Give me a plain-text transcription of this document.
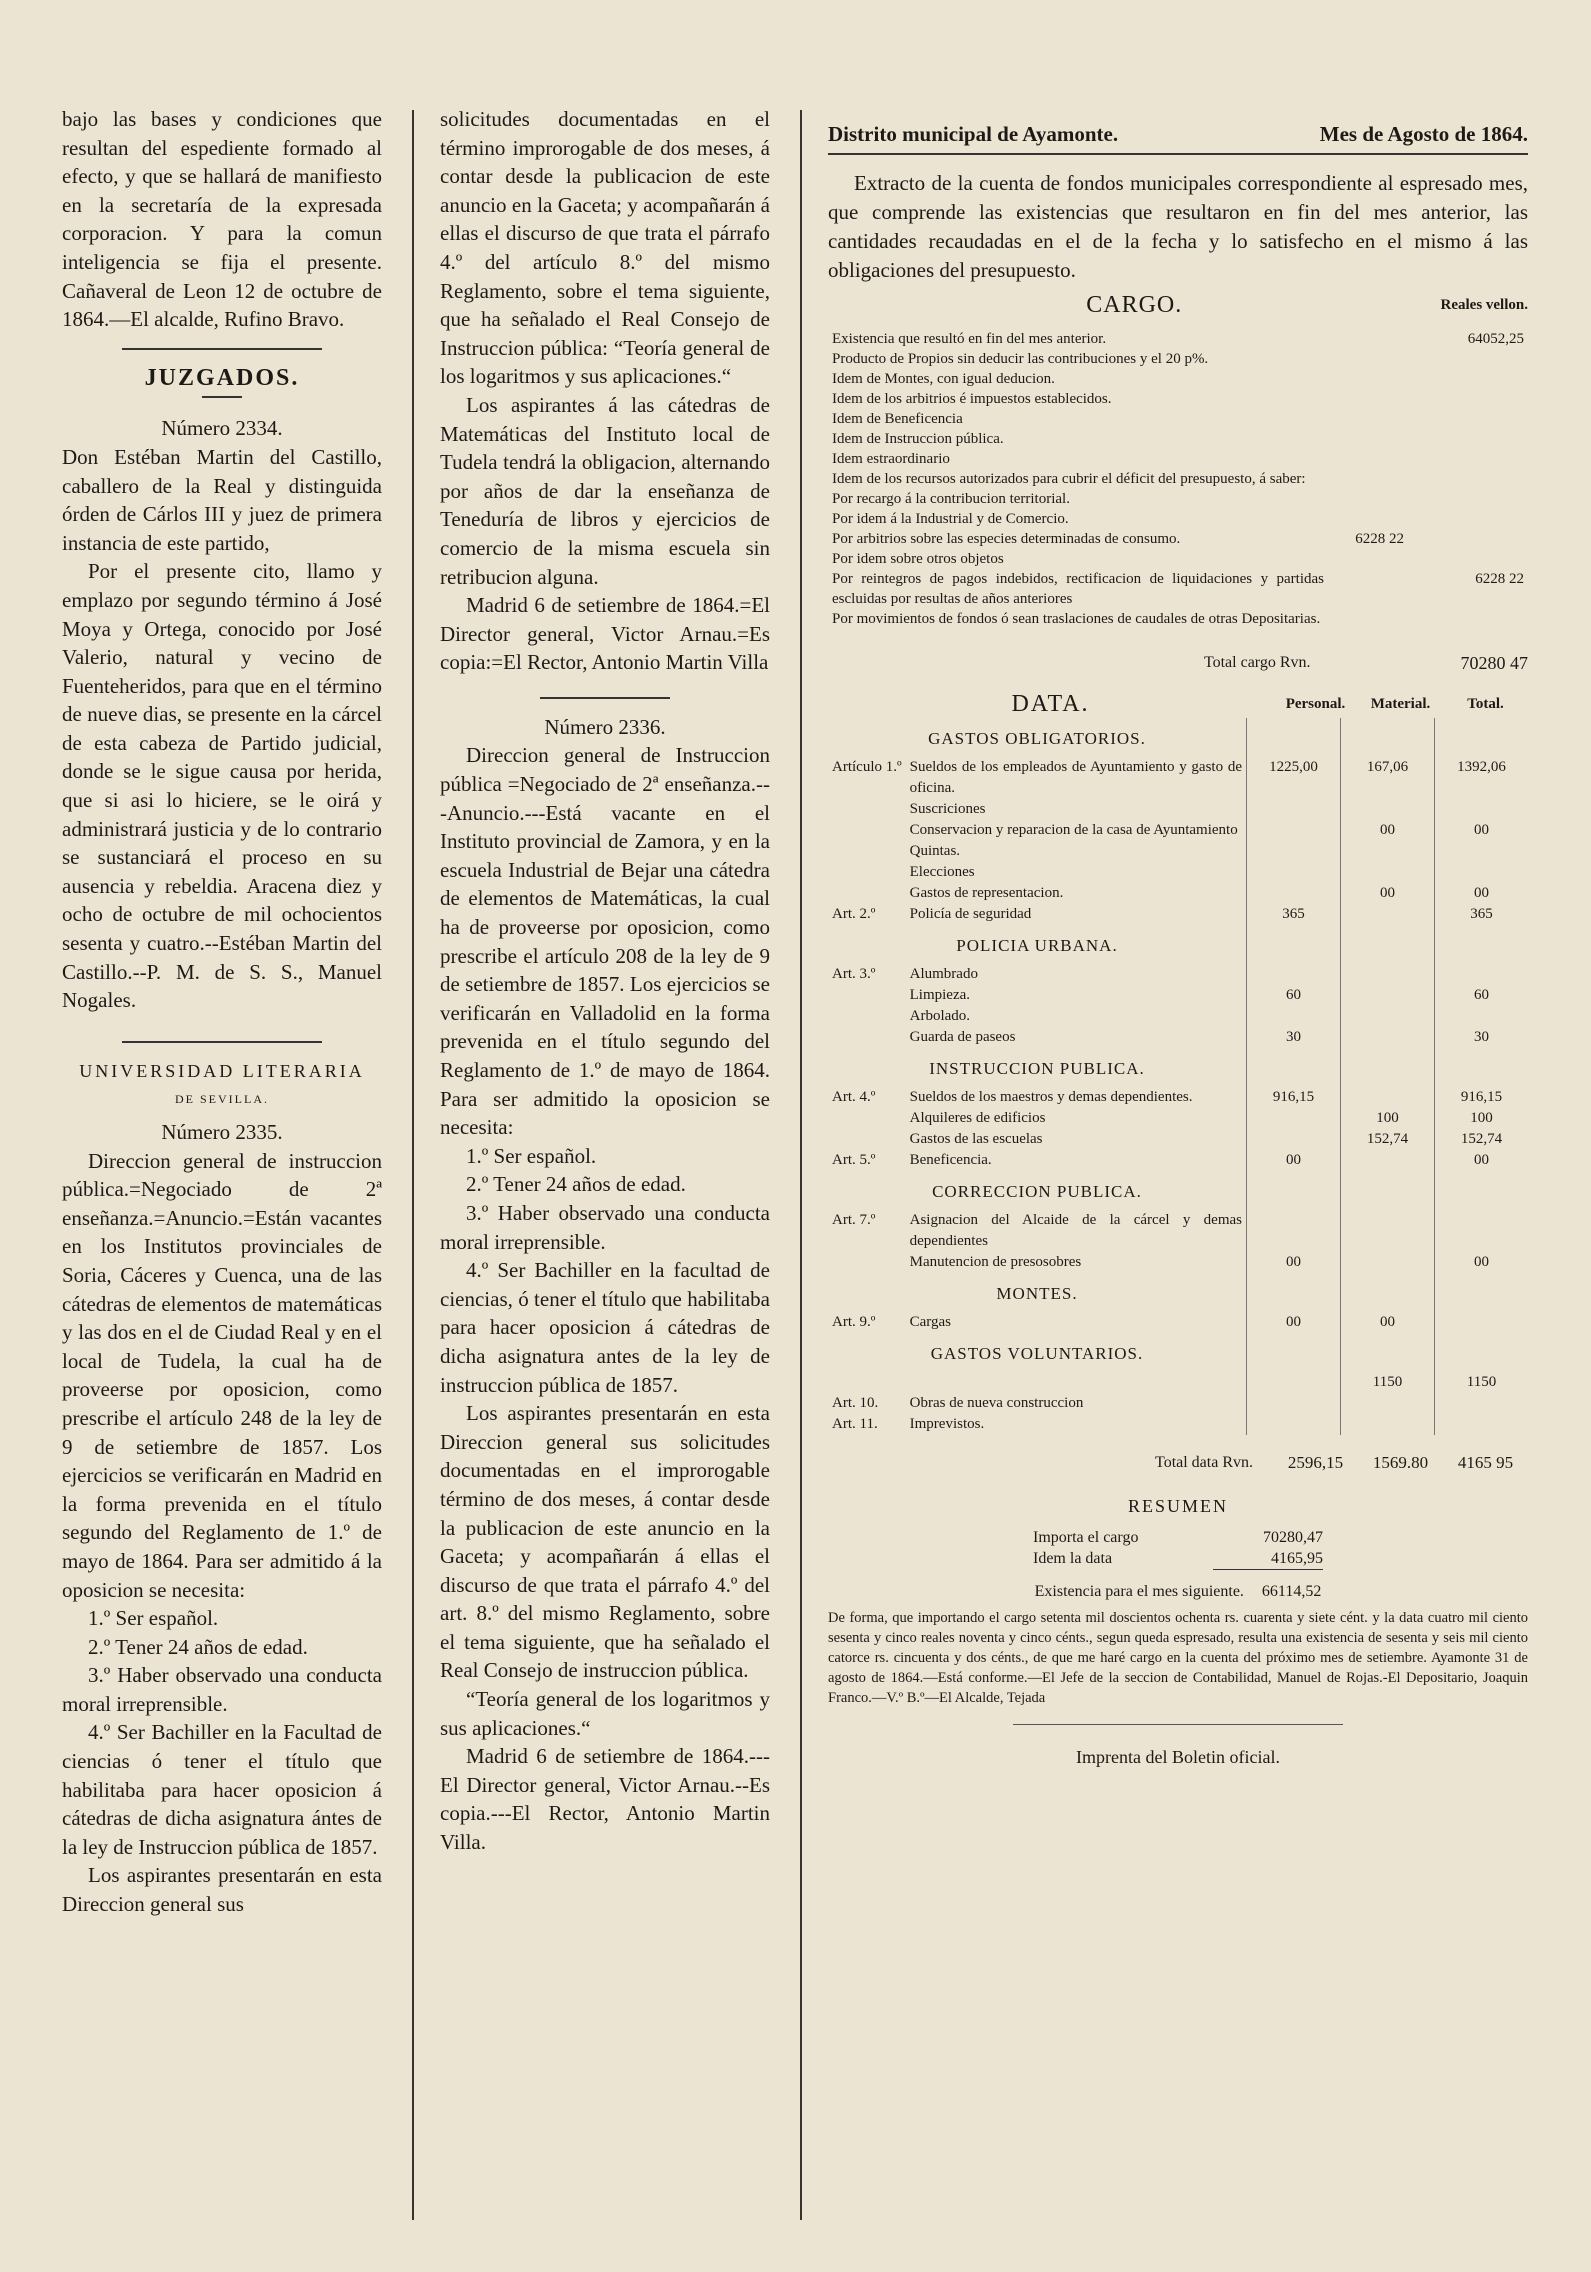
bajo las bases y condiciones que resultan del espediente formado al efecto, y que se hallará de manifiesto en la secretaría de la expresada corporacion. Y para la comun inteligencia se fija el presente. Cañaveral de Leon 12 de octubre de 1864.—El alcalde, Rufino Bravo.

JUZGADOS.

Número 2334.

Don Estéban Martin del Castillo, caballero de la Real y distinguida órden de Cárlos III y juez de primera instancia de este partido,

Por el presente cito, llamo y emplazo por segundo término á José Moya y Ortega, conocido por José Valerio, natural y vecino de Fuenteheridos, para que en el término de nueve dias, se presente en la cárcel de esta cabeza de Partido judicial, donde se le sigue causa por herida, que si asi lo hiciere, se le oirá y administrará justicia y de lo contrario se sustanciará el proceso en su ausencia y rebeldia. Aracena diez y ocho de octubre de mil ochocientos sesenta y cuatro.--Estéban Martin del Castillo.--P. M. de S. S., Manuel Nogales.

UNIVERSIDAD LITERARIA

DE SEVILLA.

Número 2335.

Direccion general de instruccion pública.=Negociado de 2ª enseñanza.=Anuncio.=Están vacantes en los Institutos provinciales de Soria, Cáceres y Cuenca, una de las cátedras de elementos de matemáticas y las dos en el de Ciudad Real y en el local de Tudela, la cual ha de proveerse por oposicion, como prescribe el artículo 248 de la ley de 9 de setiembre de 1857. Los ejercicios se verificarán en Madrid en la forma prevenida en el título segundo del Reglamento de 1.º de mayo de 1864. Para ser admitido á la oposicion se necesita:

1.º Ser español.

2.º Tener 24 años de edad.

3.º Haber observado una conducta moral irreprensible.

4.º Ser Bachiller en la Facultad de ciencias ó tener el título que habilitaba para hacer oposicion á cátedras de dicha asignatura ántes de la ley de Instruccion pública de 1857.

Los aspirantes presentarán en esta Direccion general sus

solicitudes documentadas en el término improrogable de dos meses, á contar desde la publicacion de este anuncio en la Gaceta; y acompañarán á ellas el discurso de que trata el párrafo 4.º del artículo 8.º del mismo Reglamento, sobre el tema siguiente, que ha señalado el Real Consejo de Instruccion pública: “Teoría general de los logaritmos y sus aplicaciones.“

Los aspirantes á las cátedras de Matemáticas del Instituto local de Tudela tendrá la obligacion, alternando por años de dar la enseñanza de Teneduría de libros y ejercicios de comercio de la misma escuela sin retribucion alguna.

Madrid 6 de setiembre de 1864.=El Director general, Victor Arnau.=Es copia:=El Rector, Antonio Martin Villa

Número 2336.

Direccion general de Instruccion pública =Negociado de 2ª enseñanza.---Anuncio.---Está vacante en el Instituto provincial de Zamora, y en la escuela Industrial de Bejar una cátedra de elementos de Matemáticas, la cual ha de proveerse por oposicion, como prescribe el artículo 208 de la ley de 9 de setiembre de 1857. Los ejercicios se verificarán en Valladolid en la forma prevenida en el título segundo del Reglamento de 1.º de mayo de 1864. Para ser admitido la oposicion se necesita:

1.º Ser español.

2.º Tener 24 años de edad.

3.º Haber observado una conducta moral irreprensible.

4.º Ser Bachiller en la facultad de ciencias, ó tener el título que habilitaba para hacer oposicion á cátedras de dicha asignatura antes de la ley de instruccion pública de 1857.

Los aspirantes presentarán en esta Direccion general sus solicitudes documentadas en el improrogable término de dos meses, á contar desde la publicacion de este anuncio en la Gaceta; y acompañarán á ellas el discurso de que trata el párrafo 4.º del art. 8.º del mismo Reglamento, sobre el tema siguiente, que ha señalado el Real Consejo de instruccion pública.

“Teoría general de los logaritmos y sus aplicaciones.“

Madrid 6 de setiembre de 1864.---El Director general, Victor Arnau.--Es copia.---El Rector, Antonio Martin Villa.

Distrito municipal de Ayamonte.	Mes de Agosto de 1864.

Extracto de la cuenta de fondos municipales correspondiente al espresado mes, que comprende las existencias que resultaron en fin del mes anterior, las cantidades recaudadas en el de la fecha y lo satisfecho en el mismo á las obligaciones del presupuesto.

CARGO.	Reales vellon.
Existencia que resultó en fin del mes anterior.		64052,25
Producto de Propios sin deducir las contribuciones y el 20 p%.		
Idem de Montes, con igual deducion.		
Idem de los arbitrios é impuestos establecidos.		
Idem de Beneficencia		
Idem de Instruccion pública.		
Idem estraordinario		
Idem de los recursos autorizados para cubrir el déficit del presupuesto, á saber:		
Por recargo á la contribucion territorial.		
Por idem á la Industrial y de Comercio.		
Por arbitrios sobre las especies determinadas de consumo.	6228 22	
Por idem sobre otros objetos		
Por reintegros de pagos indebidos, rectificacion de liquidaciones y partidas escluidas por resultas de años anteriores		6228 22
Por movimientos de fondos ó sean traslaciones de caudales de otras Depositarias.		
Total cargo Rvn.	70280 47
DATA.	Personal.	Material.	Total.
GASTOS OBLIGATORIOS.				
Artículo 1.º	Sueldos de los empleados de Ayuntamiento y gasto de oficina.	1225,00	167,06	1392,06
	Suscriciones			
	Conservacion y reparacion de la casa de Ayuntamiento		00	00
	Quintas.			
	Elecciones			
	Gastos de representacion.		00	00
Art. 2.º	Policía de seguridad	365		365
POLICIA URBANA.				
Art. 3.º	Alumbrado			
	Limpieza.	60		60
	Arbolado.			
	Guarda de paseos	30		30
INSTRUCCION PUBLICA.				
Art. 4.º	Sueldos de los maestros y demas dependientes.	916,15		916,15
	Alquileres de edificios		100	100
	Gastos de las escuelas		152,74	152,74
Art. 5.º	Beneficencia.	00		00
CORRECCION PUBLICA.				
Art. 7.º	Asignacion del Alcaide de la cárcel y demas dependientes			
	Manutencion de presosobres	00		00
MONTES.				
Art. 9.º	Cargas	00	00	
GASTOS VOLUNTARIOS.				
			1150	1150
Art. 10.	Obras de nueva construccion			
Art. 11.	Imprevistos.			
Total data Rvn.	2596,15	1569.80	4165 95

RESUMEN

Importa el cargo	70280,47
Idem la data	4165,95

Existencia para el mes siguiente. 66114,52

De forma, que importando el cargo setenta mil doscientos ochenta rs. cuarenta y siete cént. y la data cuatro mil ciento sesenta y cinco reales noventa y cinco cénts., segun queda espresado, resulta una existencia de sesenta y seis mil ciento catorce rs. cincuenta y dos cénts., de que me haré cargo en la cuenta del próximo mes de setiembre. Ayamonte 31 de agosto de 1864.—Está conforme.—El Jefe de la seccion de Contabilidad, Manuel de Rojas.-El Depositario, Joaquin Franco.—V.º B.º—El Alcalde, Tejada

Imprenta del Boletin oficial.
